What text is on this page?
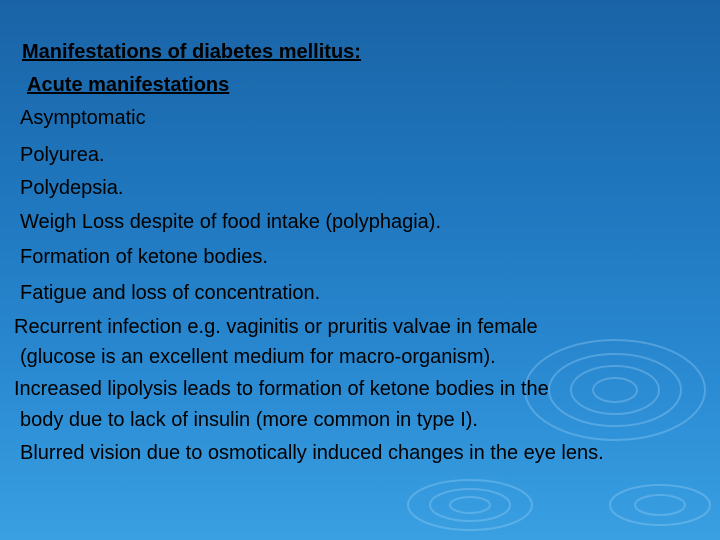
Manifestations of diabetes mellitus:
Acute manifestations
Asymptomatic
Polyurea.
Polydepsia.
Weigh Loss despite of food intake (polyphagia).
Formation of ketone bodies.
Fatigue and loss of concentration.
Recurrent infection e.g. vaginitis or pruritis valvae in female
(glucose is an excellent medium for macro-organism).
Increased lipolysis leads to formation of ketone bodies in the
body due to lack of insulin (more common in type I).
Blurred vision due to osmotically induced changes in the eye lens.
